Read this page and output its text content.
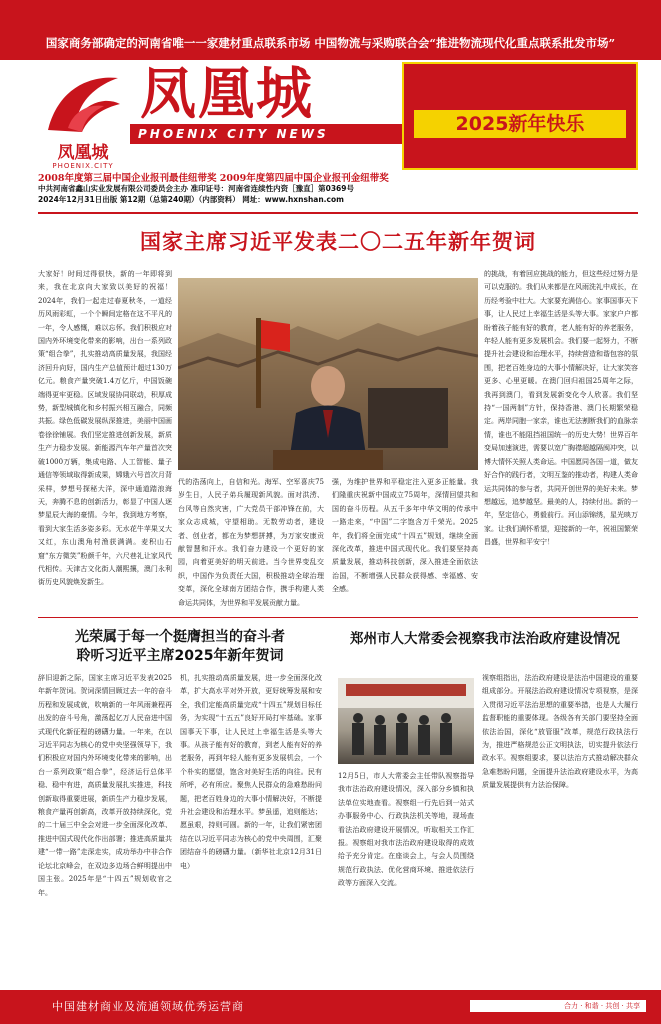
国家商务部确定的河南省唯一一家建材重点联系市场 中国物流与采购联合会“推进物流现代化重点联系批发市场”
凤凰城
PHOENIX.CITY
凤凰城
PHOENIX CITY NEWS	2025新年快乐
2008年度第三届中国企业报刊最佳纽带奖 2009年度第四届中国企业报刊金纽带奖
中共河南省鑫山实业发展有限公司委员会主办 准印证号：河南省连续性内资［豫直］第0369号
2024年12月31日出版 第12期（总第240期）（内部资料） 网址：www.hxnshan.com
国家主席习近平发表二〇二五年新年贺词
大家好！时间过得很快，新的一年即将到来，我在北京向大家致以美好的祝福！2024年，我们一起走过春夏秋冬，一道经历风雨彩虹，一个个瞬间定格在这不平凡的一年，令人感慨，难以忘怀。我们积极应对国内外环境变化带来的影响，出台一系列政策“组合拳”，扎实推动高质量发展，我国经济回升向好，国内生产总值预计超过130万亿元。粮食产量突破1.4万亿斤，中国饭碗端得更牢更稳。区域发展协同联动，积厚成势，新型城镇化和乡村振兴相互融合，同频共振。绿色低碳发展纵深推进，美丽中国画卷徐徐铺展。我们坚定推进创新发展，新质生产力稳步发展。新能源汽车年产量首次突破1000万辆，集成电路、人工智能、量子通信等领域取得新成果，嫦娥六号首次月背采样，梦想号探秘大洋，深中通道踏浪海天，奔腾不息的创新活力，彰显了中国人逐梦星辰大海的豪情。今年，我到地方考察，看到大家生活多姿多彩。无水花牛苹果又大又红，东山澳角村渔获满满。麦积山石窟“东方微笑”粉颜千年，六尺巷礼让家风代代相传。天津古文化街人潮熙攘，澳门永利街历史风貌焕发新生。
代的浩荡向上，自信和光。海军、空军喜庆75岁生日，人民子弟兵履现新风貌。面对洪涝、台风等自然灾害，广大党员干部冲锋在前，大家众志成城，守望相助。无数劳动者，建设者、创业者，都在为梦想拼搏，为万家安康贡献智慧和汗水。我们奋力建设一个更好的家园，向着更美好的明天前进。当今世界变乱交织，中国作为负责任大国，积极推动全球治理变革，深化全球南方团结合作，携手构建人类命运共同体，为世界和平发展贡献力量。
强，为维护世界和平稳定注入更多正能量。我们隆重庆祝新中国成立75周年，深情回望共和国的奋斗历程。从五千多年中华文明的传承中一路走来，“中国”二字饱含万千荣光。2025年，我们将全面完成“十四五”规划，继续全面深化改革，推进中国式现代化。我们要坚持高质量发展，推动科技创新，深入推进全面依法治国，不断增强人民群众获得感、幸福感、安全感。
的挑战，有着回应挑战的能力，但这些经过努力是可以克服的。我们从来都是在风雨洗礼中成长，在历经考验中壮大。大家要充满信心。家事国事天下事，让人民过上幸福生活是头等大事。家家户户都盼着孩子能有好的教育，老人能有好的养老服务，年轻人能有更多发展机会。我们要一起努力，不断提升社会建设和治理水平，持续营造和谐包容的氛围，把老百姓身边的大事小情解决好，让大家笑容更多、心里更暖。在澳门回归祖国25周年之际，我再到澳门，看到发展新变化令人欣喜。我们坚持“一国两制”方针，保持香港、澳门长期繁荣稳定。两岸同胞一家亲，谁也无法割断我们的血脉亲情，谁也不能阻挡祖国统一的历史大势！世界百年变局加速演进，需要以宽广胸襟超越隔阂冲突，以博大情怀关照人类命运。中国愿同各国一道，做友好合作的践行者，文明互鉴的推动者，构建人类命运共同体的参与者，共同开创世界的美好未来。梦想越远，追梦越坚。最美的人，持续付出。新的一年，坚定信心，勇毅前行。河山添锦绣，星光映万家。让我们满怀希望，迎接新的一年，祝祖国繁荣昌盛，世界和平安宁！
光荣属于每一个挺膺担当的奋斗者
聆听习近平主席2025年新年贺词
辞旧迎新之际，国家主席习近平发表2025年新年贺词。贺词深情回顾过去一年的奋斗历程和发展成就，吹响新的一年风雨兼程再出发的奋斗号角，激荡起亿万人民奋进中国式现代化新征程的磅礴力量。一年来，在以习近平同志为核心的党中央坚强领导下，我们积极应对国内外环境变化带来的影响，出台一系列政策“组合拳”，经济运行总体平稳、稳中有进，高质量发展扎实推进，科技创新取得重要进展，新质生产力稳步发展，粮食产量再创新高，改革开放持续深化，党的二十届三中全会对进一步全面深化改革、推进中国式现代化作出部署；推进高质量共建“一带一路”走深走实，成功举办中非合作论坛北京峰会，在双边多边场合鲜明提出中国主张。2025年是“十四五”规划收官之年。
机，扎实推动高质量发展，进一步全面深化改革，扩大高水平对外开放，更好统筹发展和安全，我们定能高质量完成“十四五”规划目标任务，为实现“十五五”良好开局打牢基础。家事国事天下事，让人民过上幸福生活是头等大事。从孩子能有好的教育，到老人能有好的养老服务，再到年轻人能有更多发展机会，一个个朴实的愿望，饱含对美好生活的向往。民有所呼，必有所应。聚焦人民群众的急难愁盼问题，把老百姓身边的大事小情解决好，不断提升社会建设和治理水平。梦虽遥，追则能达；愿虽艰，持则可圆。新的一年，让我们紧密团结在以习近平同志为核心的党中央周围，汇聚团结奋斗的磅礴力量。（新华社北京12月31日电）
郑州市人大常委会视察我市法治政府建设情况
12月5日，市人大常委会主任带队视察指导我市法治政府建设情况，深入部分乡镇和执法单位实地查看。视察组一行先后到一站式办事服务中心、行政执法机关等地，现场查看法治政府建设开展情况，听取相关工作汇报。视察组对我市法治政府建设取得的成效给予充分肯定。在座谈会上，与会人员围绕规范行政执法、优化营商环境、推进依法行政等方面深入交流。
视察组指出，法治政府建设是法治中国建设的重要组成部分。开展法治政府建设情况专项视察，是深入贯彻习近平法治思想的重要举措，也是人大履行监督职能的重要体现。各级各有关部门要坚持全面依法治国，深化“放管服”改革，规范行政执法行为，推进严格规范公正文明执法，切实提升依法行政水平。视察组要求，要以法治方式推动解决群众急难愁盼问题，全面提升法治政府建设水平，为高质量发展提供有力法治保障。
中国建材商业及流通领域优秀运营商	合力 · 和谐 · 共创 · 共享
